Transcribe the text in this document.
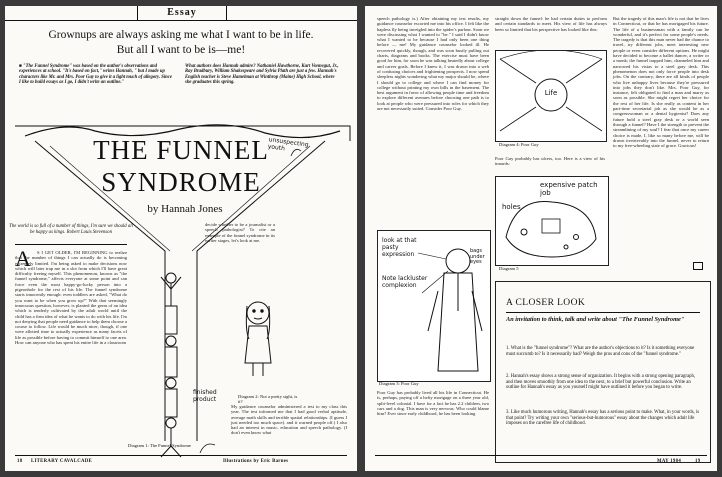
Essay
Grownups are always asking me what I want to be in life.
But all I want to be is—me!
■ "The Funnel Syndrome" was based on the author's observations and experiences at school. "It's based on fact," writes Hannah, " but I made up characters like Mr. and Mrs. Poor Guy to give it a light touch of allegory. Since I like to build essays as I go, I didn't write an outline."
What authors does Hannah admire? Nathaniel Hawthorne, Kurt Vonnegut, Jr., Ray Bradbury, William Shakespeare and Sylvia Plath are just a few. Hannah's English teacher is Steve Hamelman at Winthrop (Maine) High School, where she graduates this spring.
unsuspecting youth
THE FUNNEL
SYNDROME
by Hannah Jones
The world is so full of a number of things, I'm sure we should all be happy as kings. Robert Louis Stevenson
A	S I GET OLDER, I'M BEGINNING to realize that the number of things I can actually do is becoming extremely limited. I'm being asked to make decisions now which will later trap me in a slot from which I'll have great difficulty freeing myself. This phenomenon, known as "the funnel syndrome," affects everyone at some point and can force even the most happy-go-lucky person into a pigeonhole for the rest of his life. The funnel syndrome starts innocently enough: even toddlers are asked, "What do you want to be when you grow up?" With that seemingly innocuous question, however, is planted the germ of an idea which is tenderly cultivated by the adult world until the child has a firm idea of what he wants to do with his life. I'm not denying that people need guidance to help them choose a course to follow. Life would be much nicer, though, if one were allotted time to actually experience as many facets of life as possible before having to commit himself to one area. How can anyone who has spent his entire life in a classroom
decide whether to be a journalist or a speech pathologist? To cite an example of the funnel syndrome in its earlier stages, let's look at me.
Diagram 2: Not a pretty sight, is it?
finished product
My guidance counselor administered a test to my class this year. The test informed me that I had good verbal aptitude, average math skills and terrible spatial relationships. (I guess I just needed too much space). and it warned people off.) I also had an interest in music, education and speech pathology. (I don't even know what
Diagram 1: The Funnel Syndrome
18 LITERARY CAVALCADE	Illustrations by Eric Barnes
speech pathology is.) After obtaining my test results, my guidance counselor escorted me into his office. I felt like the hapless fly being inveigled into the spider's parlour. Soon we were discussing what I wanted to "be." I said I didn't know what I wanted to be because I had only been one thing before — me! My guidance counselor looked ill. He recovered quickly, though, and was soon busily pulling out charts, diagrams and books. The exercise must have been good for him, for soon he was talking heatedly about college and career goals. Before I knew it, I was drawn into a web of confusing choices and frightening prospects. I now spend sleepless nights wondering what my major should be, where I should go to college and where I can find money for college without printing my own bills in the basement. The best argument in favor of allowing people time and freedom to explore different avenues before choosing one path is to look at people who were pressured into roles for which they are not necessarily suited. Consider Poor Guy.
straight down the funnel: he had certain duties to perform and certain standards to meet. His view of life has always been so limited that his perspective has looked like this:
But the tragedy of this man's life is not that he lives in Connecticut, or that he has mortgaged his future. The life of a businessman with a family can be wonderful, and it's perfect for some people's needs. The tragedy is that this man never had the chance to travel, try different jobs, meet interesting new people or even consider different options. He might have decided to become a ballet dancer, a writer or a monk; the funnel trapped him, channeled him and narrowed his vistas to a steel gray desk. This phenomenon does not only force people into desk jobs. On the contrary, there are all kinds of people who live unhappy lives because they're pressured into jobs they don't like. Mrs. Poor Guy, for instance, felt obligated to find a man and marry as soon as possible. She might regret her choice for the rest of her life. Is she really as content in her part-time secretarial job as she would be as a congresswoman or a dental hygienist? Does any future hold a steel gray desk or a world seen through a funnel? Have I the strength to prevent the streamlining of my soul? I fear that once my career choice is made, I, like so many before me, will be drawn irretrievably into the funnel, never to return to my free-wheeling state of grace. Gracious!
Life
Diagram 4: Poor Guy
Poor Guy probably has ulcers, too. Here is a view of his innards:
expensive patch job
holes
Diagram 5
look at that pasty expression	bags under eyes
Note lackluster complexion
Diagram 3: Poor Guy
Poor Guy has probably lived all his life in Connecticut. He is, perhaps, paying off a hefty mortgage on a three year old, split-level colonial. I have for a fact he has 2.2 children, two cars and a dog. This man is very nervous. Who could blame him? Ever since early childhood, he has been looking
A CLOSER LOOK
An invitation to think, talk and write about "The Funnel Syndrome"
1. What is the "funnel syndrome"? What are the author's objections to it? Is it something everyone must succumb to? Is it necessarily bad? Weigh the pros and cons of the "funnel syndrome."
2. Hannah's essay shows a strong sense of organization. It begins with a strong opening paragraph, and then moves smoothly from one idea to the next, to a brief but powerful conclusion. Write an outline for Hannah's essay as you yourself might have outlined it before you began to write.
3. Like much humorous writing, Hannah's essay has a serious point to make. What, in your words, is that point? Try writing your own "serious-but-humorous" essay about the changes which adult life imposes on the carefree life of childhood.
MAY 1984	19
